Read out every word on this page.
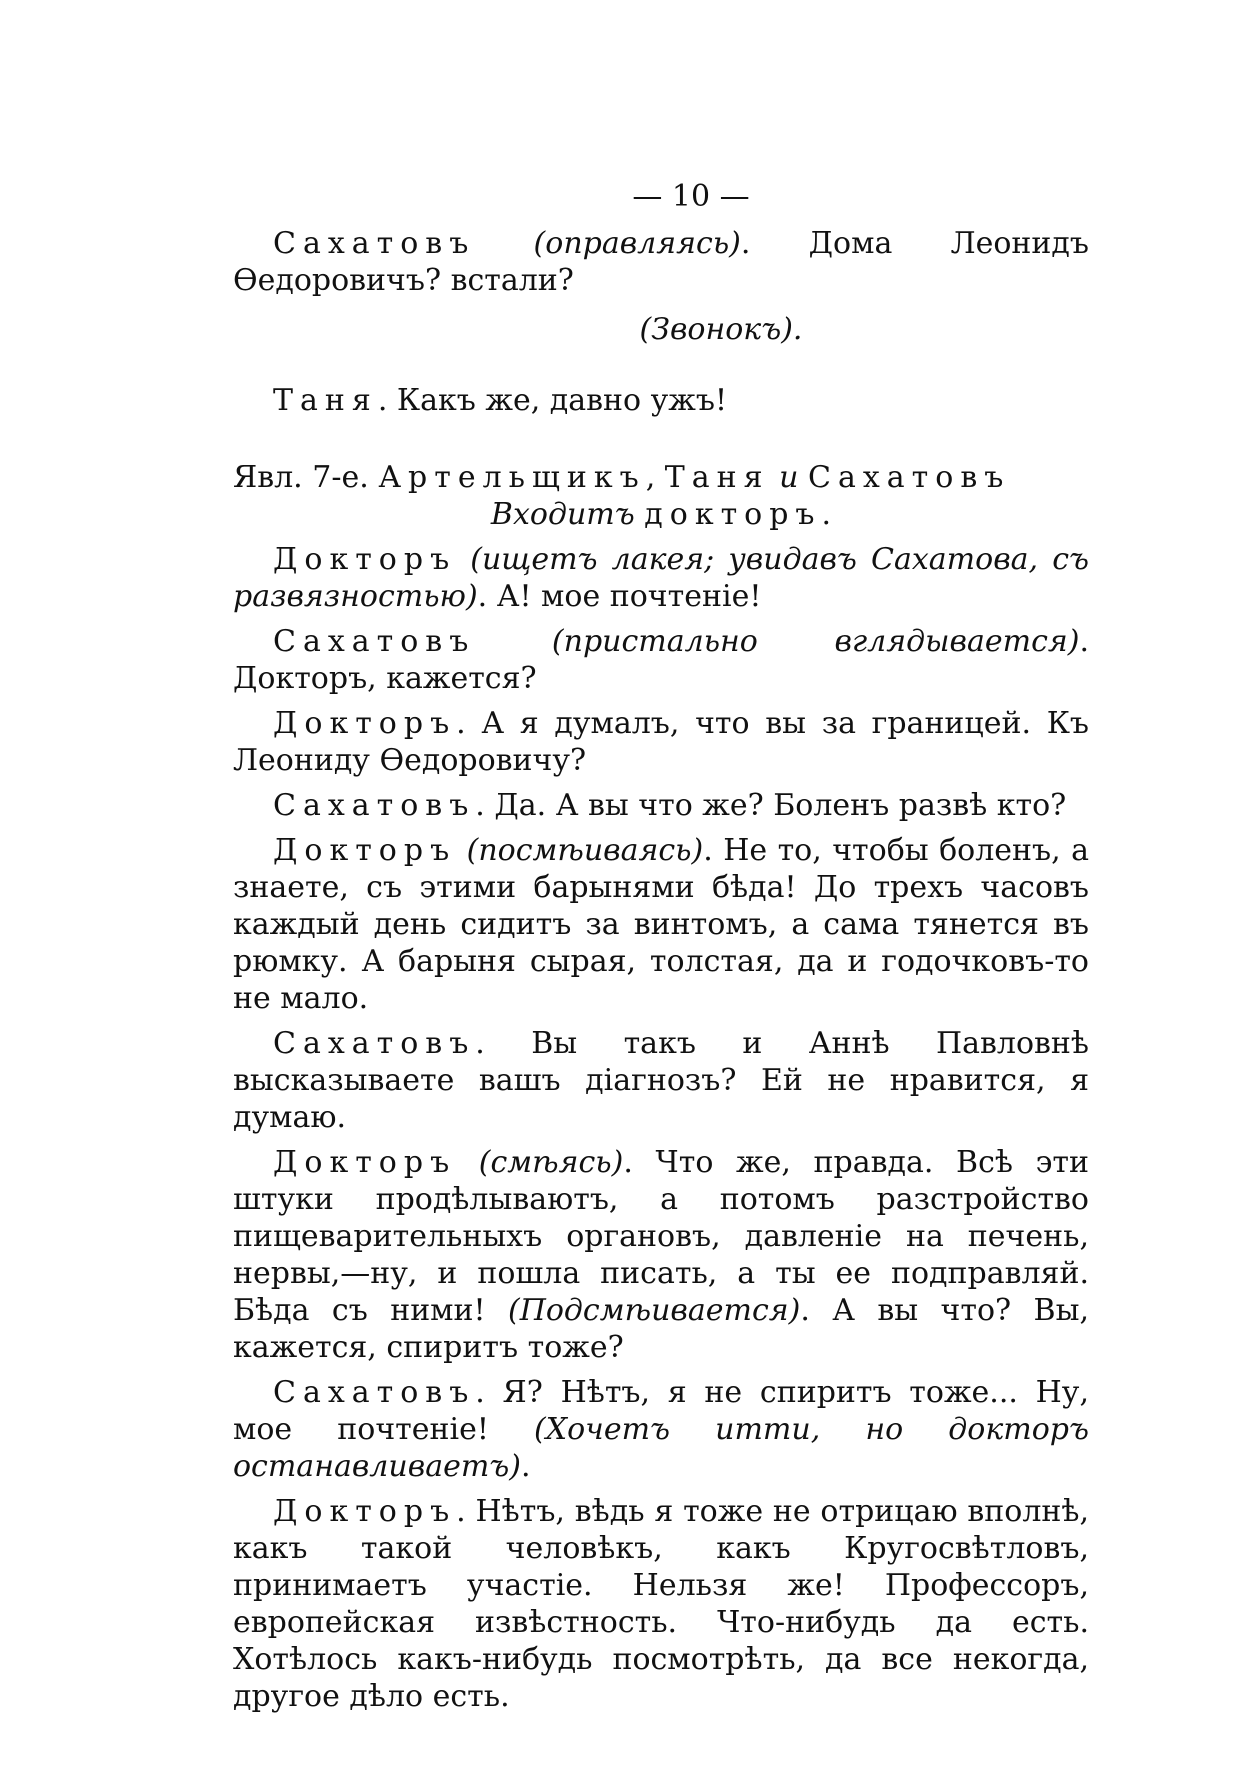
— 10 —

Сахатовъ (оправляясь). Дома Леонидъ Өедоровичъ? встали?

(Звонокъ).

Таня. Какъ же, давно ужъ!

Явл. 7-е. Артельщикъ, Таня и Сахатовъ

Входитъ докторъ.

Докторъ (ищетъ лакея; увидавъ Сахатова, съ развязностью). А! мое почтеніе!

Сахатовъ	(пристально вглядывается). Докторъ, кажется?

Докторъ. А я думалъ, что вы за границей. Къ Леониду Өедоровичу?

Сахатовъ. Да. А вы что же? Боленъ развѣ кто?

Докторъ (посмѣиваясь). Не то, чтобы боленъ, а знаете, съ этими барынями бѣда! До трехъ часовъ каждый день сидитъ за винтомъ, а сама тянется въ рюмку. А барыня сырая, толстая, да и годочковъ-то не мало.

Сахатовъ. Вы такъ и Аннѣ Павловнѣ высказываете вашъ діагнозъ? Ей не нравится, я думаю.

Докторъ (смѣясь). Что же, правда. Всѣ эти штуки продѣлываютъ, а потомъ разстройство пищеварительныхъ органовъ, давленіе на печень, нервы,—ну, и пошла писать, а ты ее подправляй. Бѣда съ ними! (Подсмѣивается). А вы что? Вы, кажется, спиритъ тоже?

Сахатовъ. Я? Нѣтъ, я не спиритъ тоже... Ну, мое почтеніе! (Хочетъ итти, но докторъ останавливаетъ).

Докторъ. Нѣтъ, вѣдь я тоже не отрицаю вполнѣ, какъ такой человѣкъ, какъ Кругосвѣтловъ, принимаетъ участіе. Нельзя же! Профессоръ, европейская извѣстность. Что-нибудь да есть. Хотѣлось какъ-нибудь посмотрѣть, да все некогда, другое дѣло есть.
